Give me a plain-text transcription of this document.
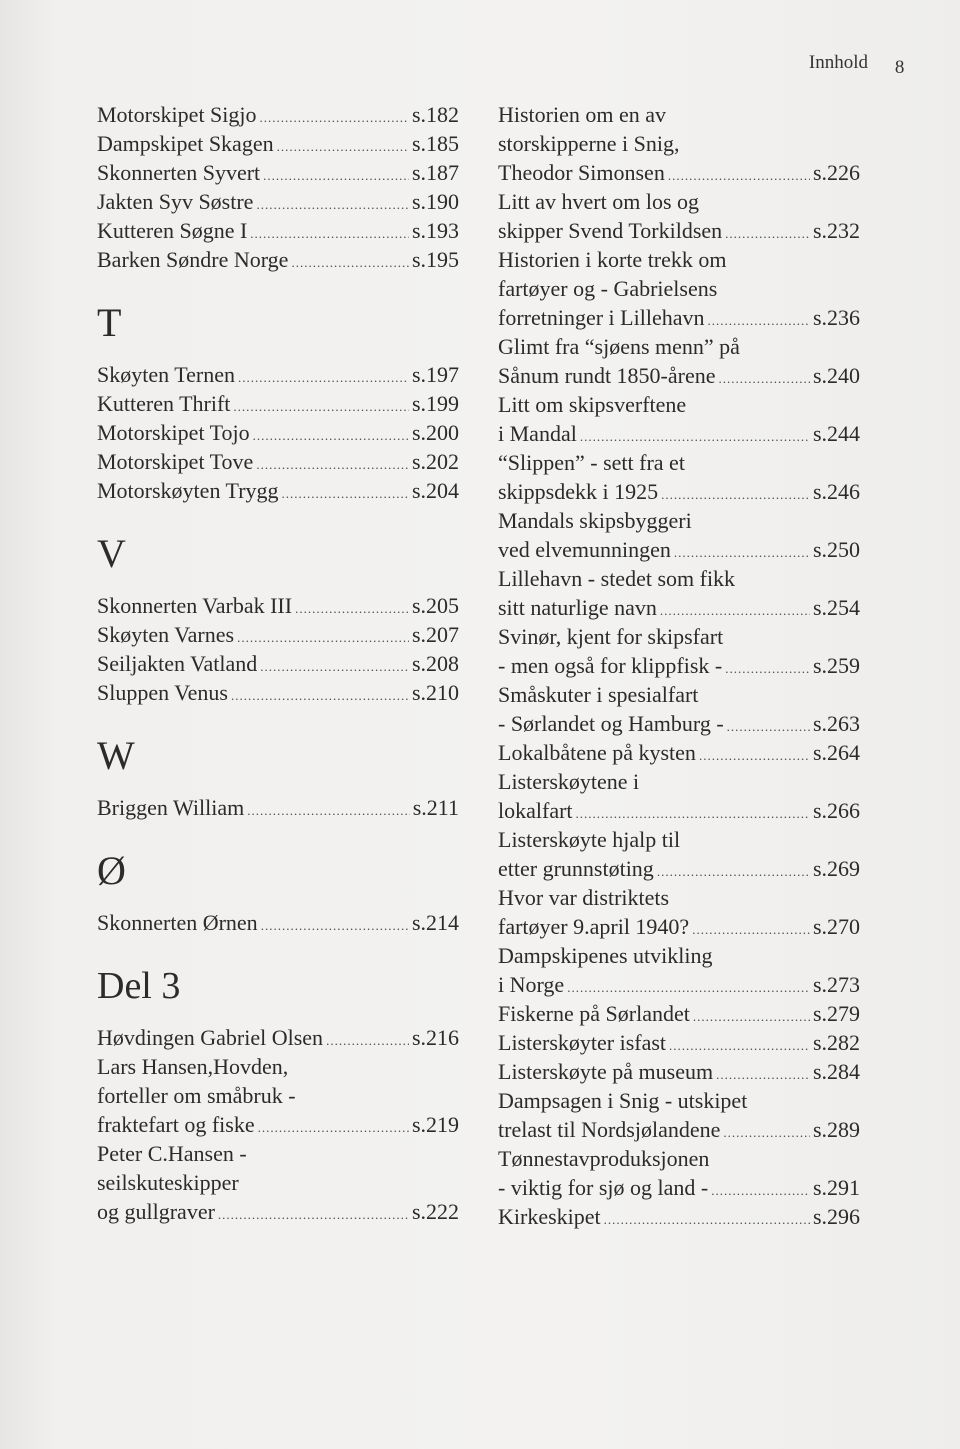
Innhold 8
Motorskipet Sigjo .....	s.182
Dampskipet Skagen .....	s.185
Skonnerten Syvert .....	s.187
Jakten Syv Søstre .....	s.190
Kutteren Søgne I .....	s.193
Barken Søndre Norge .....	s.195
T
Skøyten Ternen .....	s.197
Kutteren Thrift .....	s.199
Motorskipet Tojo .....	s.200
Motorskipet Tove .....	s.202
Motorskøyten Trygg .....	s.204
V
Skonnerten Varbak III .....	s.205
Skøyten Varnes .....	s.207
Seiljakten Vatland .....	s.208
Sluppen Venus .....	s.210
W
Briggen William .....	s.211
Ø
Skonnerten Ørnen .....	s.214
Del 3
Høvdingen Gabriel Olsen .....	s.216
Lars Hansen,Hovden,
forteller om småbruk -
fraktefart og fiske .....	s.219
Peter C.Hansen -
seilskuteskipper
og gullgraver .....	s.222
Historien om en av
storskipperne i Snig,
Theodor Simonsen .....	s.226
Litt av hvert om los og
skipper Svend Torkildsen .....	s.232
Historien i korte trekk om
fartøyer og - Gabrielsens
forretninger i Lillehavn .....	s.236
Glimt fra “sjøens menn” på
Sånum rundt 1850-årene .....	s.240
Litt om skipsverftene
i Mandal .....	s.244
“Slippen” - sett fra et
skippsdekk i 1925 .....	s.246
Mandals skipsbyggeri
ved elvemunningen .....	s.250
Lillehavn - stedet som fikk
sitt naturlige navn .....	s.254
Svinør, kjent for skipsfart
- men også for klippfisk - .....	s.259
Småskuter i spesialfart
- Sørlandet og Hamburg - .....	s.263
Lokalbåtene på kysten .....	s.264
Listerskøytene i
lokalfart .....	s.266
Listerskøyte hjalp til
etter grunnstøting .....	s.269
Hvor var distriktets
fartøyer 9.april 1940? .....	s.270
Dampskipenes utvikling
i Norge .....	s.273
Fiskerne på Sørlandet .....	s.279
Listerskøyter isfast .....	s.282
Listerskøyte på museum .....	s.284
Dampsagen i Snig - utskipet
trelast til Nordsjølandene .....	s.289
Tønnestavproduksjonen
- viktig for sjø og land - .....	s.291
Kirkeskipet .....	s.296
